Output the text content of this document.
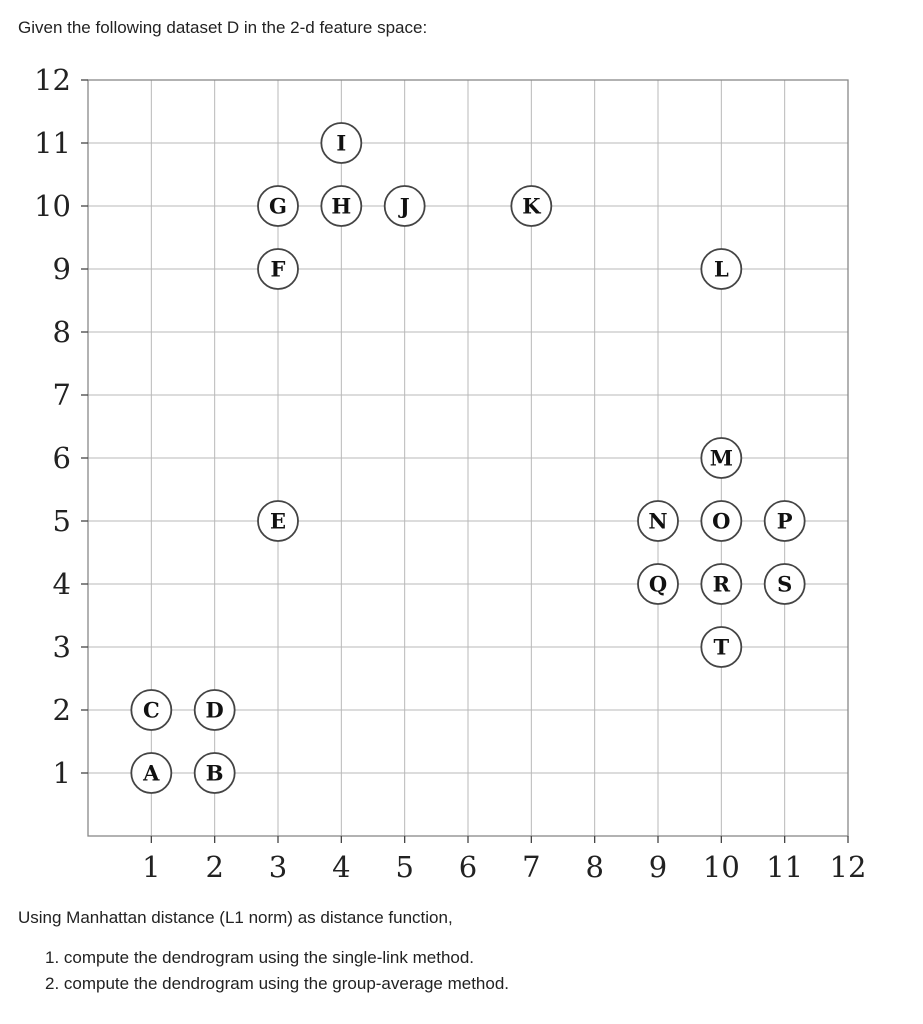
Given the following dataset D in the 2-d feature space:
1 2 3 4 5 6 7 8 9 10 11 12
1
2
3
4
5
6
7
8
9
10
11
12
A B
C D
E
F
G H
I
J	K
L
M
N O P
Q R S
T
Using Manhattan distance (L1 norm) as distance function,
1. compute the dendrogram using the single-link method.
2. compute the dendrogram using the group-average method.
